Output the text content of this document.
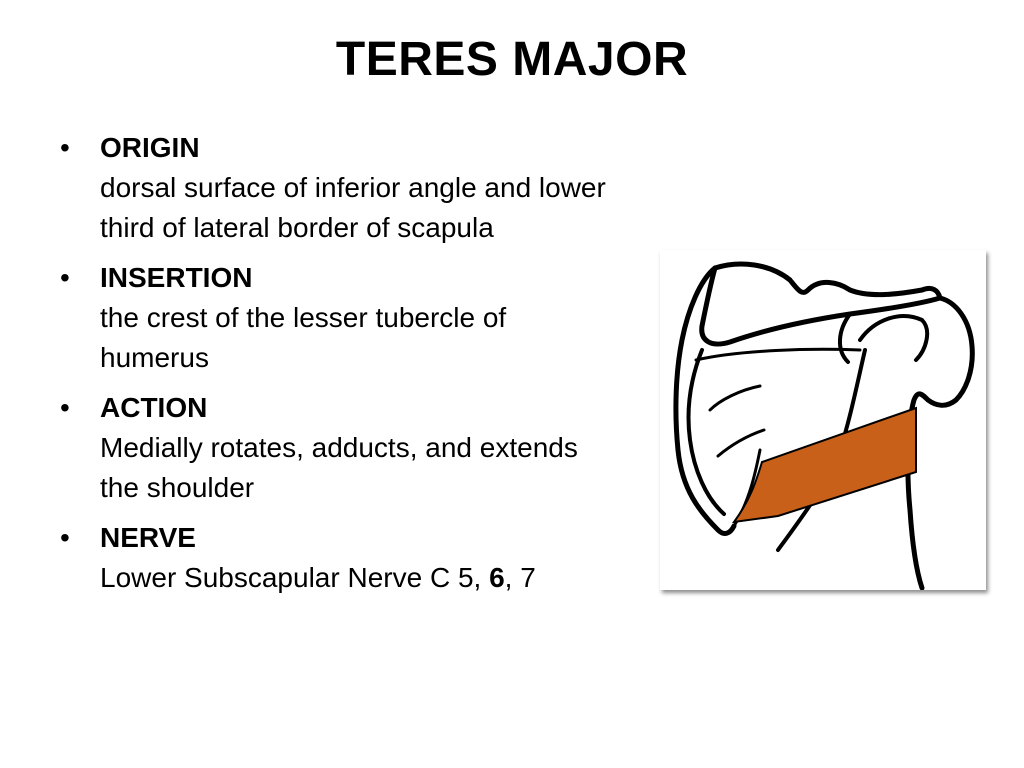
TERES MAJOR
•	ORIGIN
dorsal surface of inferior angle and lower third of lateral border of scapula
•	INSERTION
the crest of the lesser tubercle of humerus
•	ACTION
Medially rotates, adducts, and extends the shoulder
•	NERVE
Lower Subscapular Nerve C 5, 6, 7
